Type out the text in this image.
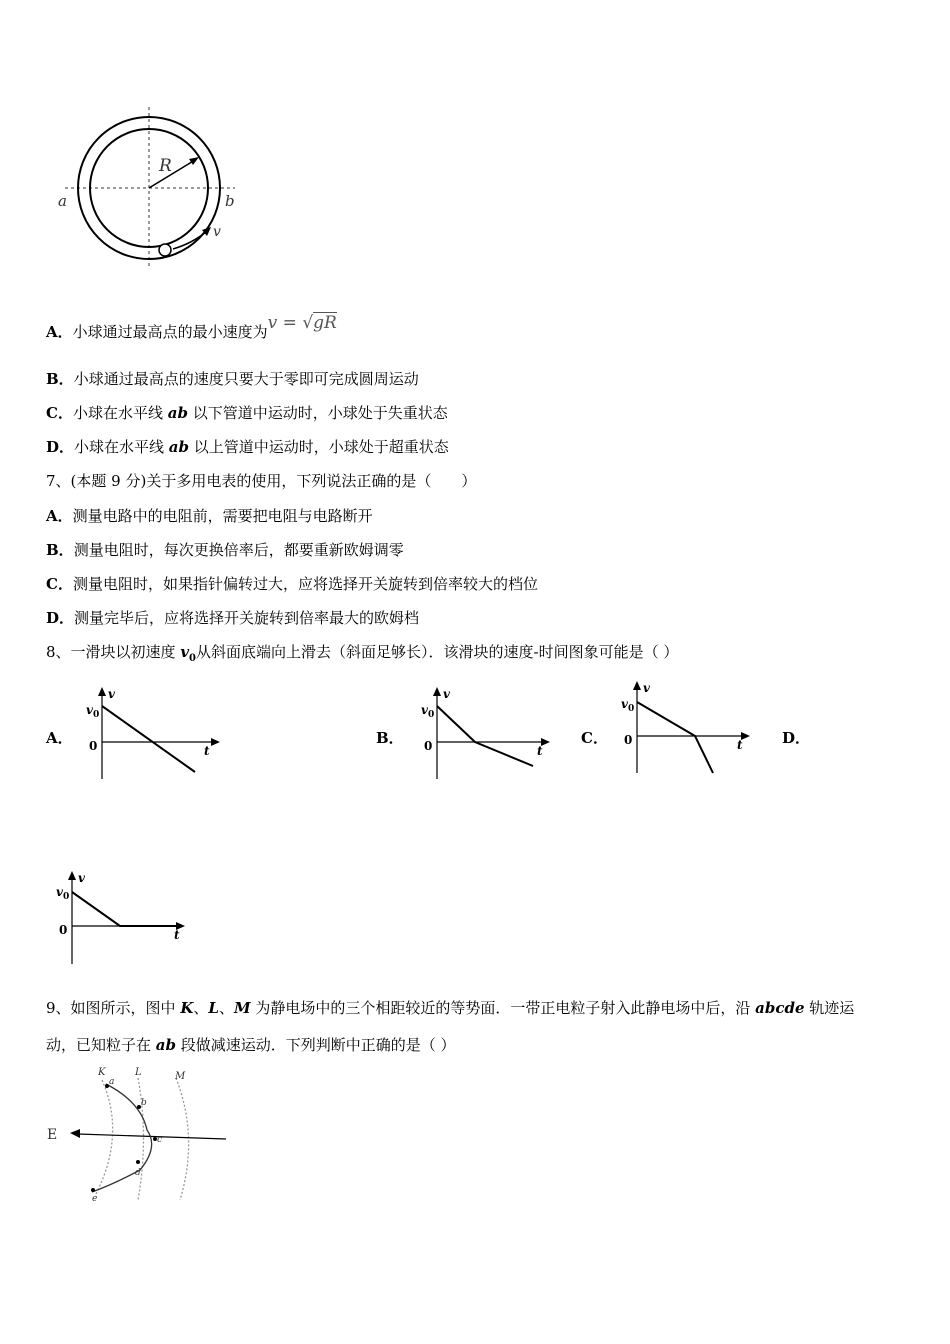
R
a	b
v
A．小球通过最高点的最小速度为v = √gR
B．小球通过最高点的速度只要大于零即可完成圆周运动
C．小球在水平线 ab 以下管道中运动时，小球处于失重状态
D．小球在水平线 ab 以上管道中运动时，小球处于超重状态
7、(本题 9 分)关于多用电表的使用，下列说法正确的是（　　）
A．测量电路中的电阻前，需要把电阻与电路断开
B．测量电阻时，每次更换倍率后，都要重新欧姆调零
C．测量电阻时，如果指针偏转过大，应将选择开关旋转到倍率较大的档位
D．测量完毕后，应将选择开关旋转到倍率最大的欧姆档
8、一滑块以初速度 $v_0$从斜面底端向上滑去（斜面足够长）．该滑块的速度-时间图象可能是（ ）
A．	B．	C．	D．
v
v 0
0	t
v
v 0
0	t
v
v 0
0	t
v
v 0
0	t
9、如图所示，图中 K、L、M 为静电场中的三个相距较近的等势面．一带正电粒子射入此静电场中后，沿 abcde 轨迹运
动，已知粒子在 ab 段做减速运动．下列判断中正确的是（ ）
K	L	M
E
a
b
c
d
e
